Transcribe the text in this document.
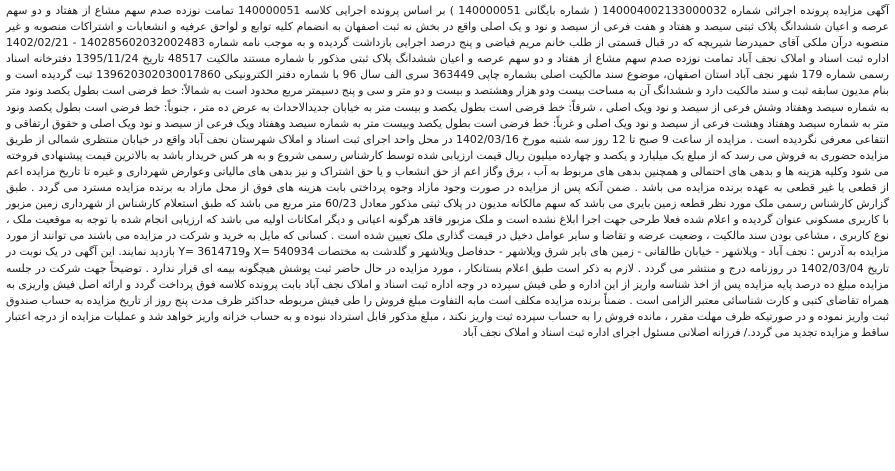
آگهی مزایده پرونده اجرائی شماره 140004002133000032 ( شماره بایگانی 140000051 ) بر اساس پرونده اجرایی کلاسه 140000051 تمامت نوزده صدم سهم مشاع از هفتاد و دو سهم عرصه و اعیان ششدانگ پلاک ثبتی سیصد و هفتاد و هفت فرعی از سیصد و نود و یک اصلی واقع در بخش نه ثبت اصفهان به انضمام کلیه توابع و لواحق عرفیه و انشعابات و اشتراکات منصوبه و غیر منصوبه درآن ملکی آقای حمیدرضا شیریچه که در قبال قسمتی از طلب خانم مریم فیاضی و پنج درصد اجرایی بازداشت گردیده و به موجب نامه شماره 140285602032002483 - 1402/02/21 اداره ثبت اسناد و املاک نجف آباد تمامت نوزده صدم سهم مشاع از هفتاد و دو سهم عرصه و اعیان ششدانگ پلاک ثبتی مذکور با شماره مستند مالکیت 48517 تاریخ 1395/11/24 دفترخانه اسناد رسمی شماره 179 شهر نجف آباد استان اصفهان، موضوع سند مالکیت اصلی بشماره چاپی 363449 سری الف سال 96 با شماره دفتر الکترونیکی 139620302030017860 ثبت گردیده است و بنام مدیون سابقه ثبت و سند مالکیت دارد و ششدانگ آن به مساحت بیست ودو هزار وهشتصد و بیست و دو متر و سی و پنج دسیمتر مربع محدود است به شمالاً: خط فرضی است بطول یکصد ونود متر به شماره سیصد وهفتاد وشش فرعی از سیصد و نود ویک اصلی ، شرقاً: خط فرضی است بطول یکصد و بیست متر به خیابان جدیدالاحداث به عرض ده متر ، جنوباً: خط فرضی است بطول یکصد ونود متر به شماره سیصد وهفتاد وهشت فرعی از سیصد و نود ویک اصلی و غرباً: خط فرضی است بطول یکصد وبیست متر به شماره سیصد وهفتاد ویک فرعی از سیصد و نود ویک اصلی و حقوق ارتفاقی و انتفاعی معرفی نگردیده است . مزایده از ساعت 9 صبح تا 12 روز سه شنبه مورخ 1402/03/16 در محل واحد اجرای ثبت اسناد و املاک شهرستان نجف آباد واقع در خیابان منتظری شمالی از طریق مزایده حضوری به فروش می رسد که از مبلغ یک میلیارد و یکصد و چهارده میلیون ریال قیمت ارزیابی شده توسط کارشناس رسمی شروع و به هر کس خریدار باشد به بالاترین قیمت پیشنهادی فروخته می شود وکلیه هزینه ها و بدهی های احتمالی و همچنین بدهی های مربوط به آب ، برق وگاز اعم از حق انشعاب و یا حق اشتراک و نیز بدهی های مالیاتی وعوارض شهرداری و غیره تا تاریخ مزایده اعم از قطعی یا غیر قطعی به عهده برنده مزایده می باشد . ضمن آنکه پس از مزایده در صورت وجود مازاد وجوه پرداختی بابت هزینه های فوق از محل مازاد به برنده مزایده مسترد می گردد . طبق گزارش کارشناس رسمی ملک مورد نظر قطعه زمین بایری می باشد که سهم مالکانه مدیون در پلاک ثبتی مذکور معادل 60/23 متر مربع می باشد که طبق استعلام کارشناس از شهرداری زمین مزبور با کاربری مسکونی عنوان گردیده و اعلام شده فعلا طرحی جهت اجرا ابلاغ نشده است و ملک مزبور فاقد هرگونه اعیانی و دیگر امکانات اولیه می باشد که ارزیابی انجام شده با توجه به موقعیت ملک ، نوع کاربری ، مشاعی بودن سند مالکیت ، وضعیت عرضه و تقاضا و سایر عوامل دخیل در قیمت گذاری ملک تعیین شده است . کسانی که مایل به خرید و شرکت در مزایده می باشند می توانند از مورد مزایده به آدرس : نجف آباد - ویلاشهر - خیابان طالقانی - زمین های بایر شرق ویلاشهر - حدفاصل ویلاشهر و گلدشت به مختصات X= 540934 وY= 3614719 بازدید نمایند. این آگهی در یک نوبت در تاریخ 1402/03/04 در روزنامه درج و منتشر می گردد . لازم به ذکر است طبق اعلام بستانکار ، مورد مزایده در حال حاضر ثبت پوشش هیچگونه بیمه ای قرار ندارد . توضیحاً جهت شرکت در جلسه مزایده مبلغ ده درصد پایه مزایده پس از اخذ شناسه واریز از این اداره و طی فیش سپرده در وجه اداره ثبت اسناد و املاک نجف آباد بابت پرونده کلاسه فوق پرداخت گردد و ارائه اصل فیش واریزی به همراه تقاضای کتبی و کارت شناسائی معتبر الزامی است . ضمناً برنده مزایده مکلف است مابه التفاوت مبلغ فروش را طی فیش مربوطه حداکثر ظرف مدت پنج روز از تاریخ مزایده به حساب صندوق ثبت واریز نموده و در صورتیکه ظرف مهلت مقرر ، مانده فروش را به حساب سپرده ثبت واریز نکند ، مبلغ مذکور قابل استرداد نبوده و به حساب خزانه واریز خواهد شد و عملیات مزایده از درجه اعتبار ساقط و مزایده تجدید می گردد./ فرزانه اصلانی مسئول اجرای اداره ثبت اسناد و املاک نجف آباد
